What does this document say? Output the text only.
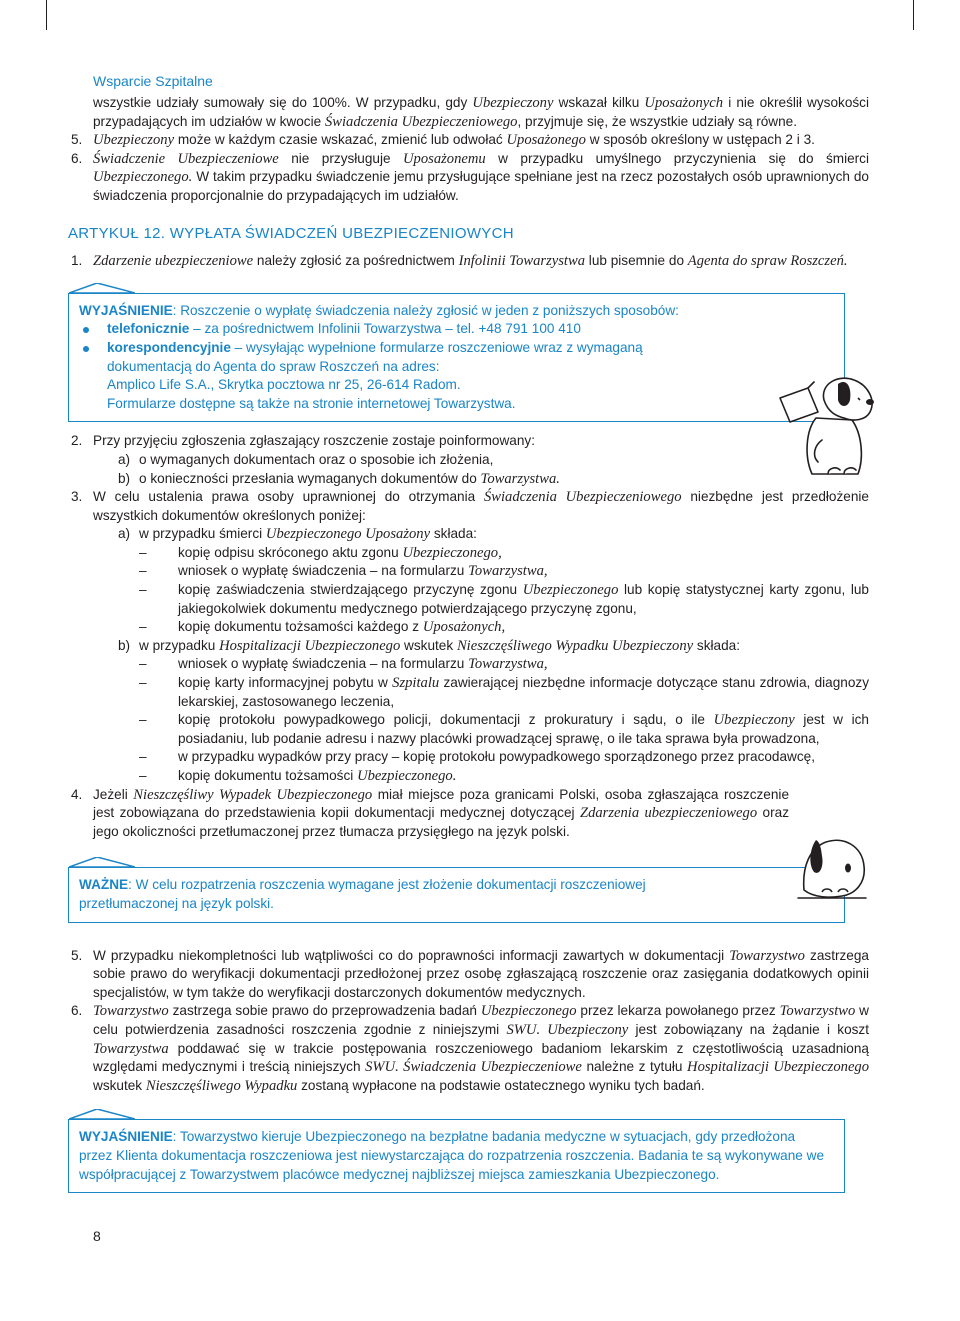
Wsparcie Szpitalne

wszystkie udziały sumowały się do 100%. W przypadku, gdy Ubezpieczony wskazał kilku Uposażonych i nie określił wysokości przypadających im udziałów w kwocie Świadczenia Ubezpieczeniowego, przyjmuje się, że wszystkie udziały są równe.

5. Ubezpieczony może w każdym czasie wskazać, zmienić lub odwołać Uposażonego w sposób określony w ustępach 2 i 3.
6. Świadczenie Ubezpieczeniowe nie przysługuje Uposażonemu w przypadku umyślnego przyczynienia się do śmierci Ubezpieczonego. W takim przypadku świadczenie jemu przysługujące spełniane jest na rzecz pozostałych osób uprawnionych do świadczenia proporcjonalnie do przypadających im udziałów.
ARTYKUŁ 12. WYPŁATA ŚWIADCZEŃ UBEZPIECZENIOWYCH
1. Zdarzenie ubezpieczeniowe należy zgłosić za pośrednictwem Infolinii Towarzystwa lub pisemnie do Agenta do spraw Roszczeń.
WYJAŚNIENIE: Roszczenie o wypłatę świadczenia należy zgłosić w jeden z poniższych sposobów:
telefonicznie – za pośrednictwem Infolinii Towarzystwa – tel. +48 791 100 410
korespondencyjnie – wysyłając wypełnione formularze roszczeniowe wraz z wymaganą
dokumentacją do Agenta do spraw Roszczeń na adres:
Amplico Life S.A., Skrytka pocztowa nr 25, 26-614 Radom.
Formularze dostępne są także na stronie internetowej Towarzystwa.
2. Przy przyjęciu zgłoszenia zgłaszający roszczenie zostaje poinformowany:
a) o wymaganych dokumentach oraz o sposobie ich złożenia,
b) o konieczności przesłania wymaganych dokumentów do Towarzystwa.
3. W celu ustalenia prawa osoby uprawnionej do otrzymania Świadczenia Ubezpieczeniowego niezbędne jest przedłożenie wszystkich dokumentów określonych poniżej:
a) w przypadku śmierci Ubezpieczonego Uposażony składa:
– kopię odpisu skróconego aktu zgonu Ubezpieczonego,
– wniosek o wypłatę świadczenia – na formularzu Towarzystwa,
– kopię zaświadczenia stwierdzającego przyczynę zgonu Ubezpieczonego lub kopię statystycznej karty zgonu, lub jakiegokolwiek dokumentu medycznego potwierdzającego przyczynę zgonu,
– kopię dokumentu tożsamości każdego z Uposażonych,
b) w przypadku Hospitalizacji Ubezpieczonego wskutek Nieszczęśliwego Wypadku Ubezpieczony składa:
– wniosek o wypłatę świadczenia – na formularzu Towarzystwa,
– kopię karty informacyjnej pobytu w Szpitalu zawierającej niezbędne informacje dotyczące stanu zdrowia, diagnozy lekarskiej, zastosowanego leczenia,
– kopię protokołu powypadkowego policji, dokumentacji z prokuratury i sądu, o ile Ubezpieczony jest w ich posiadaniu, lub podanie adresu i nazwy placówki prowadzącej sprawę, o ile taka sprawa była prowadzona,
– w przypadku wypadków przy pracy – kopię protokołu powypadkowego sporządzonego przez pracodawcę,
– kopię dokumentu tożsamości Ubezpieczonego.
4. Jeżeli Nieszczęśliwy Wypadek Ubezpieczonego miał miejsce poza granicami Polski, osoba zgłaszająca roszczenie jest zobowiązana do przedstawienia kopii dokumentacji medycznej dotyczącej Zdarzenia ubezpieczeniowego oraz jego okoliczności przetłumaczonej przez tłumacza przysięgłego na język polski.
WAŻNE: W celu rozpatrzenia roszczenia wymagane jest złożenie dokumentacji roszczeniowej przetłumaczonej na język polski.
5. W przypadku niekompletności lub wątpliwości co do poprawności informacji zawartych w dokumentacji Towarzystwo zastrzega sobie prawo do weryfikacji dokumentacji przedłożonej przez osobę zgłaszającą roszczenie oraz zasięgania dodatkowych opinii specjalistów, w tym także do weryfikacji dostarczonych dokumentów medycznych.
6. Towarzystwo zastrzega sobie prawo do przeprowadzenia badań Ubezpieczonego przez lekarza powołanego przez Towarzystwo w celu potwierdzenia zasadności roszczenia zgodnie z niniejszymi SWU. Ubezpieczony jest zobowiązany na żądanie i koszt Towarzystwa poddawać się w trakcie postępowania roszczeniowego badaniom lekarskim z częstotliwością uzasadnioną względami medycznymi i treścią niniejszych SWU. Świadczenia Ubezpieczeniowe należne z tytułu Hospitalizacji Ubezpieczonego wskutek Nieszczęśliwego Wypadku zostaną wypłacone na podstawie ostatecznego wyniku tych badań.
WYJAŚNIENIE: Towarzystwo kieruje Ubezpieczonego na bezpłatne badania medyczne w sytuacjach, gdy przedłożona przez Klienta dokumentacja roszczeniowa jest niewystarczająca do rozpatrzenia roszczenia. Badania te są wykonywane we współpracującej z Towarzystwem placówce medycznej najbliższej miejsca zamieszkania Ubezpieczonego.
8
